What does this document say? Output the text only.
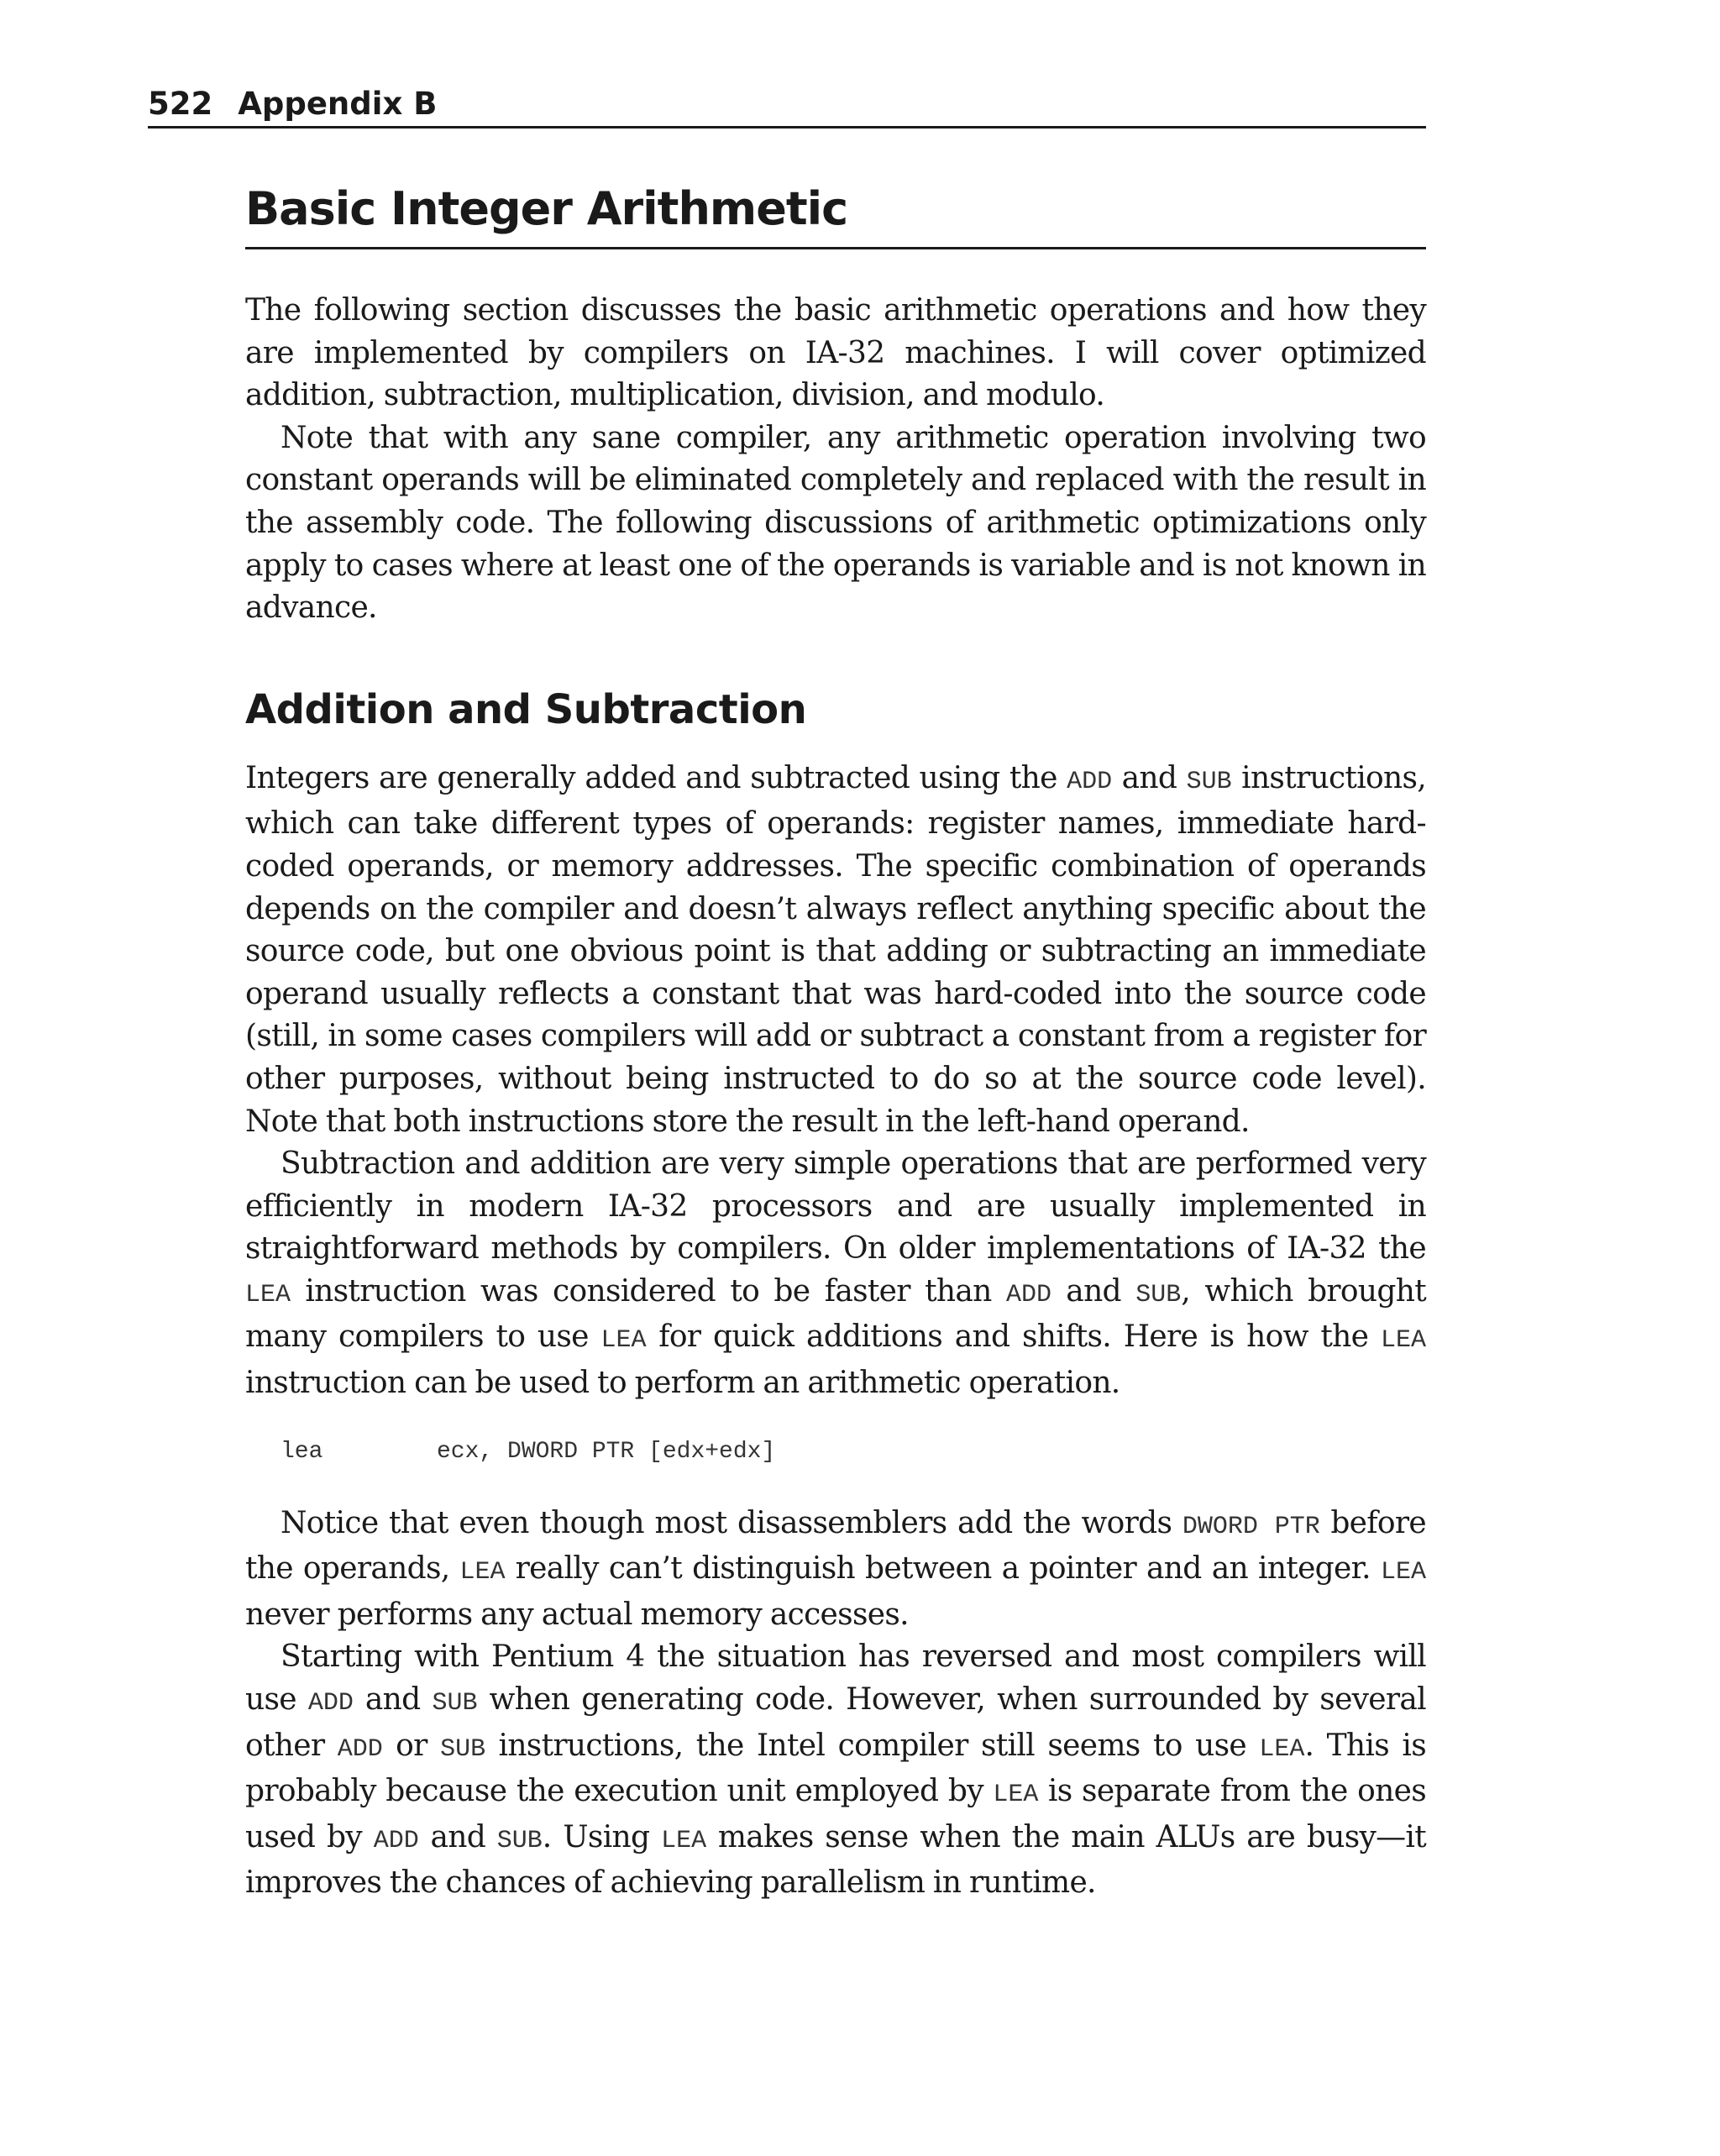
522 Appendix B
Basic Integer Arithmetic

The following section discusses the basic arithmetic operations and how they are implemented by compilers on IA-32 machines. I will cover optimized addition, subtraction, multiplication, division, and modulo.

Note that with any sane compiler, any arithmetic operation involving two constant operands will be eliminated completely and replaced with the result in the assembly code. The following discussions of arithmetic optimizations only apply to cases where at least one of the operands is variable and is not known in advance.

Addition and Subtraction

Integers are generally added and subtracted using the ADD and SUB instructions, which can take different types of operands: register names, immediate hard-coded operands, or memory addresses. The specific combination of operands depends on the compiler and doesn’t always reflect anything specific about the source code, but one obvious point is that adding or subtracting an immediate operand usually reflects a constant that was hard-coded into the source code (still, in some cases compilers will add or subtract a constant from a register for other purposes, without being instructed to do so at the source code level). Note that both instructions store the result in the left-hand operand.

Subtraction and addition are very simple operations that are performed very efficiently in modern IA-32 processors and are usually implemented in straightforward methods by compilers. On older implementations of IA-32 the LEA instruction was considered to be faster than ADD and SUB, which brought many compilers to use LEA for quick additions and shifts. Here is how the LEA instruction can be used to perform an arithmetic operation.

lea	ecx, DWORD PTR [edx+edx]

Notice that even though most disassemblers add the words DWORD PTR before the operands, LEA really can’t distinguish between a pointer and an integer. LEA never performs any actual memory accesses.

Starting with Pentium 4 the situation has reversed and most compilers will use ADD and SUB when generating code. However, when surrounded by several other ADD or SUB instructions, the Intel compiler still seems to use LEA. This is probably because the execution unit employed by LEA is separate from the ones used by ADD and SUB. Using LEA makes sense when the main ALUs are busy—it improves the chances of achieving parallelism in runtime.
